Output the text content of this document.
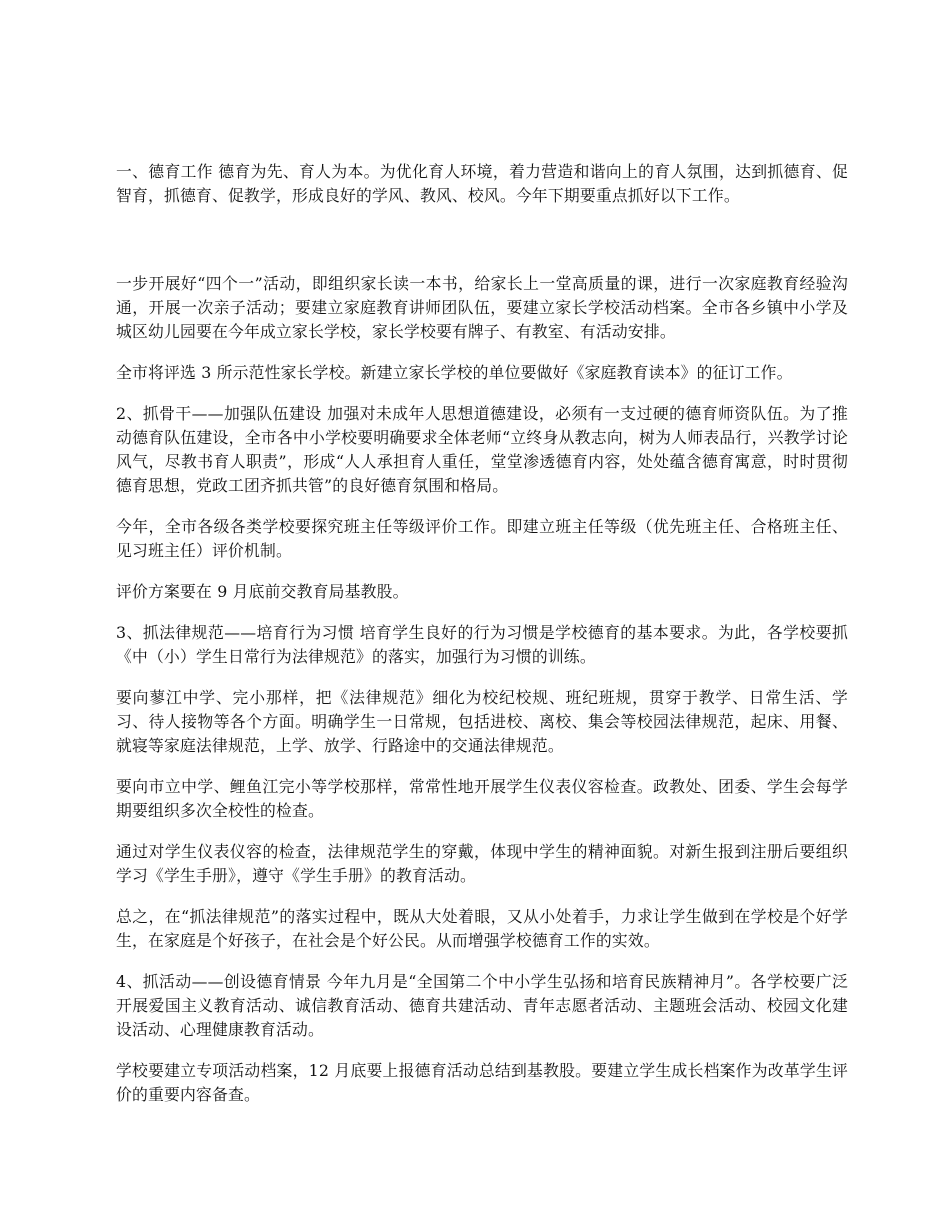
一、德育工作 德育为先、育人为本。为优化育人环境，着力营造和谐向上的育人氛围，达到抓德育、促智育，抓德育、促教学，形成良好的学风、教风、校风。今年下期要重点抓好以下工作。

一步开展好“四个一”活动，即组织家长读一本书，给家长上一堂高质量的课，进行一次家庭教育经验沟通，开展一次亲子活动；要建立家庭教育讲师团队伍，要建立家长学校活动档案。全市各乡镇中小学及城区幼儿园要在今年成立家长学校，家长学校要有牌子、有教室、有活动安排。

全市将评选 3 所示范性家长学校。新建立家长学校的单位要做好《家庭教育读本》的征订工作。

2、抓骨干——加强队伍建设 加强对未成年人思想道德建设，必须有一支过硬的德育师资队伍。为了推动德育队伍建设，全市各中小学校要明确要求全体老师“立终身从教志向，树为人师表品行，兴教学讨论风气，尽教书育人职责”，形成“人人承担育人重任，堂堂渗透德育内容，处处蕴含德育寓意，时时贯彻德育思想，党政工团齐抓共管”的良好德育氛围和格局。

今年，全市各级各类学校要探究班主任等级评价工作。即建立班主任等级（优先班主任、合格班主任、见习班主任）评价机制。

评价方案要在 9 月底前交教育局基教股。

3、抓法律规范——培育行为习惯 培育学生良好的行为习惯是学校德育的基本要求。为此，各学校要抓《中（小）学生日常行为法律规范》的落实，加强行为习惯的训练。

要向蓼江中学、完小那样，把《法律规范》细化为校纪校规、班纪班规，贯穿于教学、日常生活、学习、待人接物等各个方面。明确学生一日常规，包括进校、离校、集会等校园法律规范，起床、用餐、就寝等家庭法律规范，上学、放学、行路途中的交通法律规范。

要向市立中学、鲤鱼江完小等学校那样，常常性地开展学生仪表仪容检查。政教处、团委、学生会每学期要组织多次全校性的检查。

通过对学生仪表仪容的检查，法律规范学生的穿戴，体现中学生的精神面貌。对新生报到注册后要组织学习《学生手册》，遵守《学生手册》的教育活动。

总之，在“抓法律规范”的落实过程中，既从大处着眼，又从小处着手，力求让学生做到在学校是个好学生，在家庭是个好孩子，在社会是个好公民。从而增强学校德育工作的实效。

4、抓活动——创设德育情景 今年九月是“全国第二个中小学生弘扬和培育民族精神月”。各学校要广泛开展爱国主义教育活动、诚信教育活动、德育共建活动、青年志愿者活动、主题班会活动、校园文化建设活动、心理健康教育活动。

学校要建立专项活动档案，12 月底要上报德育活动总结到基教股。要建立学生成长档案作为改革学生评价的重要内容备查。
